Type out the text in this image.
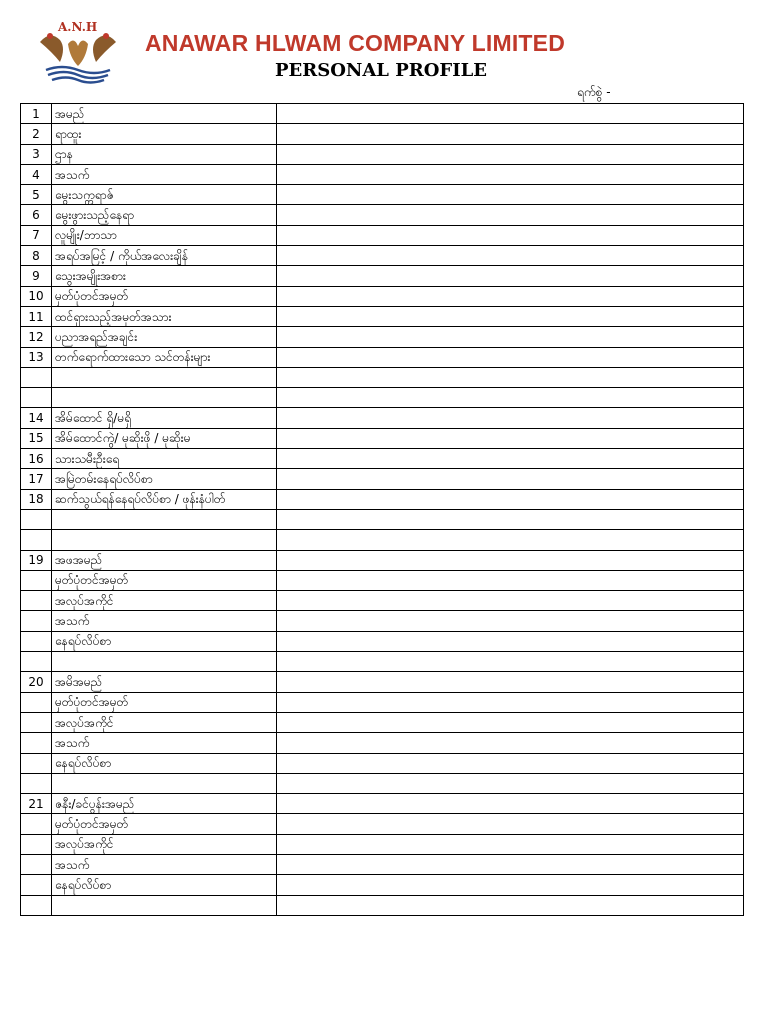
A.N.H
ANAWAR HLWAM COMPANY LIMITED
PERSONAL PROFILE
ရက်စွဲ -
1	အမည်	
2	ရာထူး	
3	ဌာန	
4	အသက်	
5	မွေးသက္ကရာဇ်	
6	မွေးဖွားသည့်နေရာ	
7	လူမျိုး/ဘာသာ	
8	အရပ်အမြင့် / ကိုယ်အလေးချိန်	
9	သွေးအမျိုးအစား	
10	မှတ်ပုံတင်အမှတ်	
11	ထင်ရှားသည့်အမှတ်အသား	
12	ပညာအရည်အချင်း	
13	တက်ရောက်ထားသော သင်တန်းများ	

14	အိမ်ထောင် ရှိ/မရှိ	
15	အိမ်ထောင်ကွဲ/ မုဆိုးဖို / မုဆိုးမ	
16	သားသမီးဦးရေ	
17	အမြဲတမ်းနေရပ်လိပ်စာ	
18	ဆက်သွယ်ရန်နေရပ်လိပ်စာ / ဖုန်းနံပါတ်	

19	အဖအမည်	
	မှတ်ပုံတင်အမှတ်	
	အလုပ်အကိုင်	
	အသက်	
	နေရပ်လိပ်စာ	

20	အမိအမည်	
	မှတ်ပုံတင်အမှတ်	
	အလုပ်အကိုင်	
	အသက်	
	နေရပ်လိပ်စာ	

21	ဇနီး/ခင်ပွန်းအမည်	
	မှတ်ပုံတင်အမှတ်	
	အလုပ်အကိုင်	
	အသက်	
	နေရပ်လိပ်စာ	
